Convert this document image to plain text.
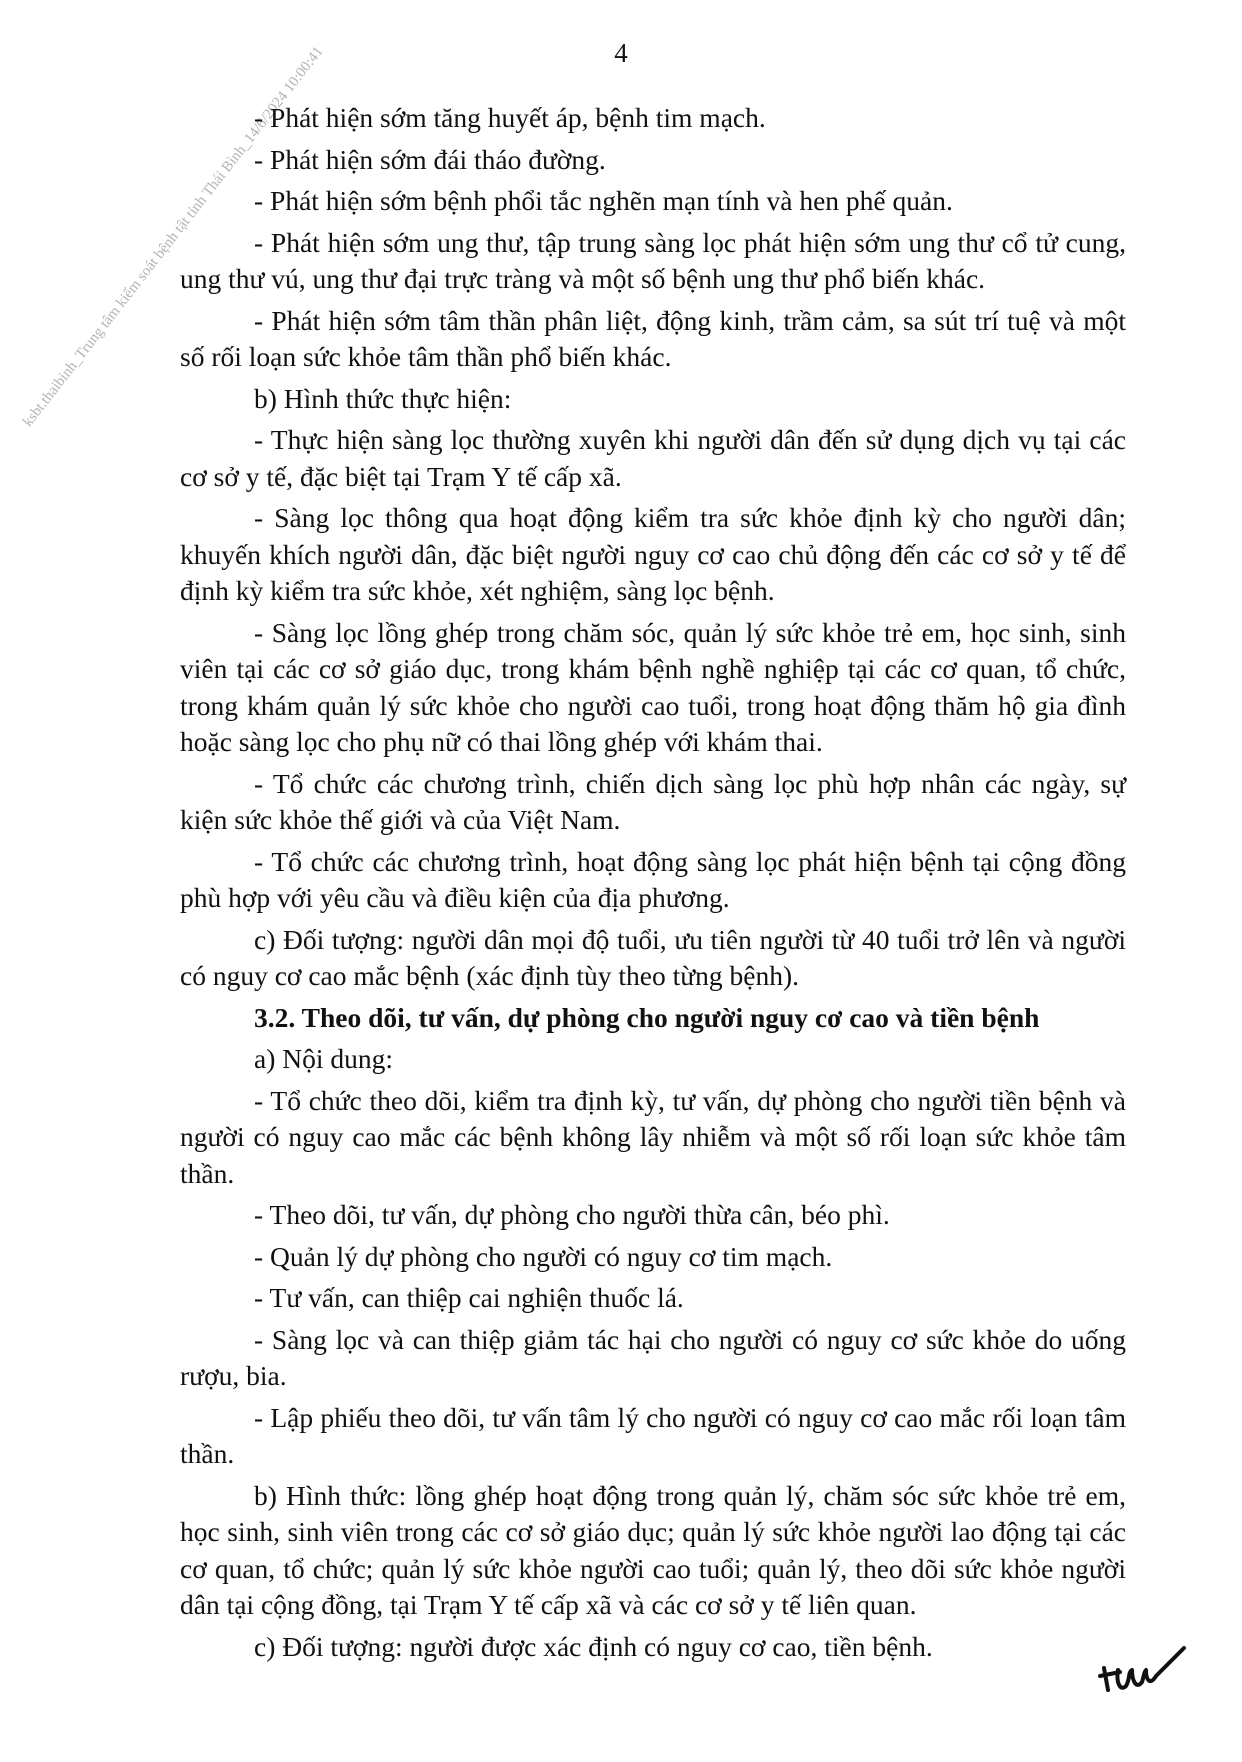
4
ksbt.thaibinh_Trung tâm kiểm soát bệnh tật tỉnh Thái Bình_14/6/2024 10:00:41

- Phát hiện sớm tăng huyết áp, bệnh tim mạch.

- Phát hiện sớm đái tháo đường.

- Phát hiện sớm bệnh phổi tắc nghẽn mạn tính và hen phế quản.

- Phát hiện sớm ung thư, tập trung sàng lọc phát hiện sớm ung thư cổ tử cung, ung thư vú, ung thư đại trực tràng và một số bệnh ung thư phổ biến khác.

- Phát hiện sớm tâm thần phân liệt, động kinh, trầm cảm, sa sút trí tuệ và một số rối loạn sức khỏe tâm thần phổ biến khác.

b) Hình thức thực hiện:

- Thực hiện sàng lọc thường xuyên khi người dân đến sử dụng dịch vụ tại các cơ sở y tế, đặc biệt tại Trạm Y tế cấp xã.

- Sàng lọc thông qua hoạt động kiểm tra sức khỏe định kỳ cho người dân; khuyến khích người dân, đặc biệt người nguy cơ cao chủ động đến các cơ sở y tế để định kỳ kiểm tra sức khỏe, xét nghiệm, sàng lọc bệnh.

- Sàng lọc lồng ghép trong chăm sóc, quản lý sức khỏe trẻ em, học sinh, sinh viên tại các cơ sở giáo dục, trong khám bệnh nghề nghiệp tại các cơ quan, tổ chức, trong khám quản lý sức khỏe cho người cao tuổi, trong hoạt động thăm hộ gia đình hoặc sàng lọc cho phụ nữ có thai lồng ghép với khám thai.

- Tổ chức các chương trình, chiến dịch sàng lọc phù hợp nhân các ngày, sự kiện sức khỏe thế giới và của Việt Nam.

- Tổ chức các chương trình, hoạt động sàng lọc phát hiện bệnh tại cộng đồng phù hợp với yêu cầu và điều kiện của địa phương.

c) Đối tượng: người dân mọi độ tuổi, ưu tiên người từ 40 tuổi trở lên và người có nguy cơ cao mắc bệnh (xác định tùy theo từng bệnh).

3.2. Theo dõi, tư vấn, dự phòng cho người nguy cơ cao và tiền bệnh

a) Nội dung:

- Tổ chức theo dõi, kiểm tra định kỳ, tư vấn, dự phòng cho người tiền bệnh và người có nguy cao mắc các bệnh không lây nhiễm và một số rối loạn sức khỏe tâm thần.

- Theo dõi, tư vấn, dự phòng cho người thừa cân, béo phì.

- Quản lý dự phòng cho người có nguy cơ tim mạch.

- Tư vấn, can thiệp cai nghiện thuốc lá.

- Sàng lọc và can thiệp giảm tác hại cho người có nguy cơ sức khỏe do uống rượu, bia.

- Lập phiếu theo dõi, tư vấn tâm lý cho người có nguy cơ cao mắc rối loạn tâm thần.

b) Hình thức: lồng ghép hoạt động trong quản lý, chăm sóc sức khỏe trẻ em, học sinh, sinh viên trong các cơ sở giáo dục; quản lý sức khỏe người lao động tại các cơ quan, tổ chức; quản lý sức khỏe người cao tuổi; quản lý, theo dõi sức khỏe người dân tại cộng đồng, tại Trạm Y tế cấp xã và các cơ sở y tế liên quan.

c) Đối tượng: người được xác định có nguy cơ cao, tiền bệnh.
